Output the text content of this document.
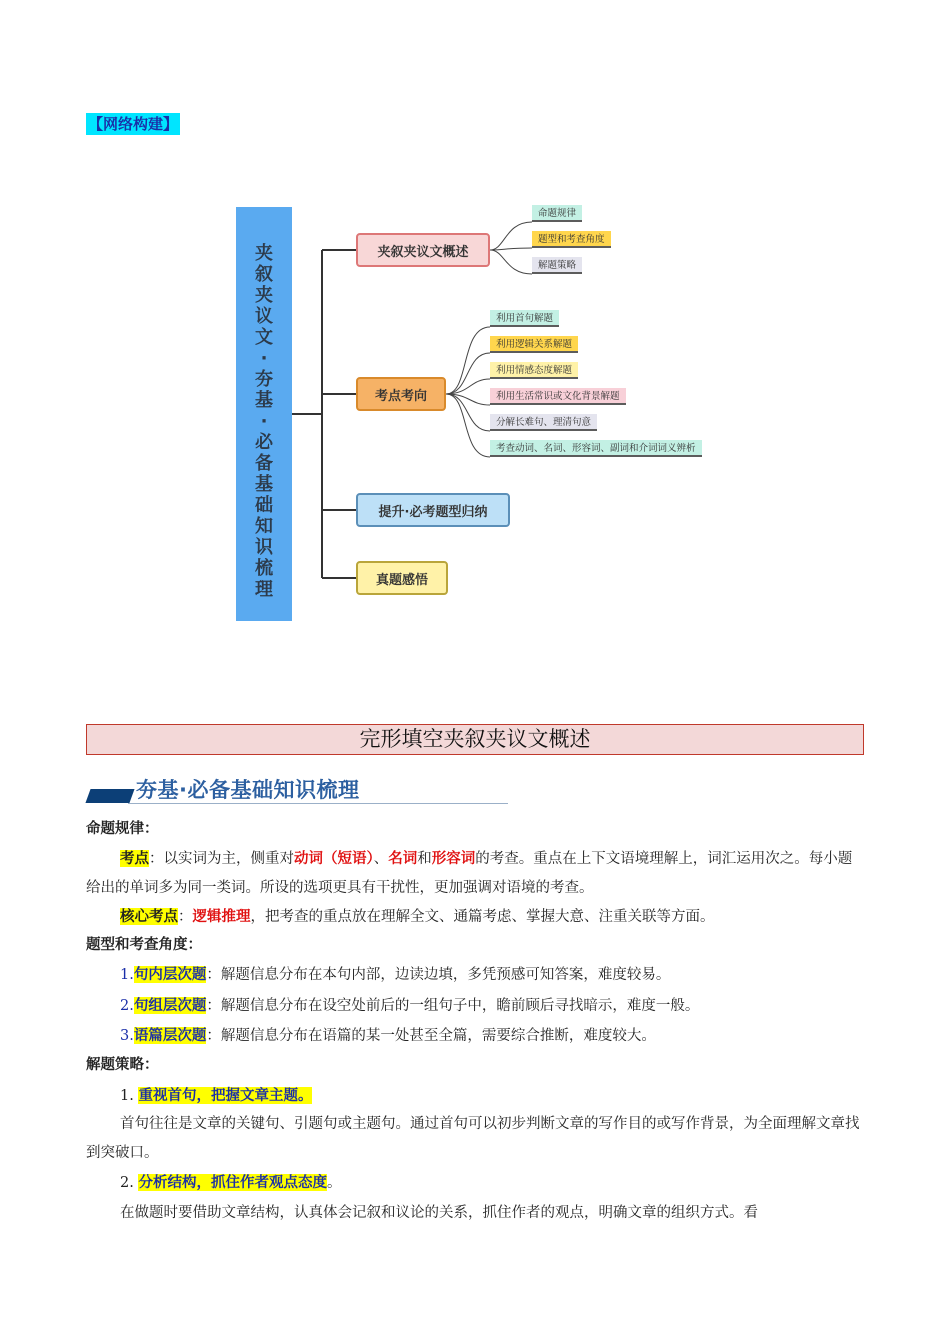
【网络构建】
夹
叙
夹
议
文
·
夯
基
·
必
备
基
础
知
识
梳
理
夹叙夹议文概述
考点考向
提升·必考题型归纳
真题感悟
命题规律
题型和考查角度
解题策略
利用首句解题
利用逻辑关系解题
利用情感态度解题
利用生活常识或文化背景解题
分解长难句、理清句意
考查动词、名词、形容词、副词和介词词义辨析
完形填空夹叙夹议文概述
夯基·必备基础知识梳理
命题规律：
考点：以实词为主，侧重对动词（短语）、名词和形容词的考查。重点在上下文语境理解上，词汇运用次之。每小题给出的单词多为同一类词。所设的选项更具有干扰性，更加强调对语境的考查。
核心考点：逻辑推理，把考查的重点放在理解全文、通篇考虑、掌握大意、注重关联等方面。
题型和考查角度：
1.句内层次题：解题信息分布在本句内部，边读边填，多凭预感可知答案，难度较易。
2.句组层次题：解题信息分布在设空处前后的一组句子中，瞻前顾后寻找暗示，难度一般。
3.语篇层次题：解题信息分布在语篇的某一处甚至全篇，需要综合推断，难度较大。
解题策略：
1. 重视首句，把握文章主题。
首句往往是文章的关键句、引题句或主题句。通过首句可以初步判断文章的写作目的或写作背景，为全面理解文章找到突破口。
2. 分析结构，抓住作者观点态度。
在做题时要借助文章结构，认真体会记叙和议论的关系，抓住作者的观点，明确文章的组织方式。看
